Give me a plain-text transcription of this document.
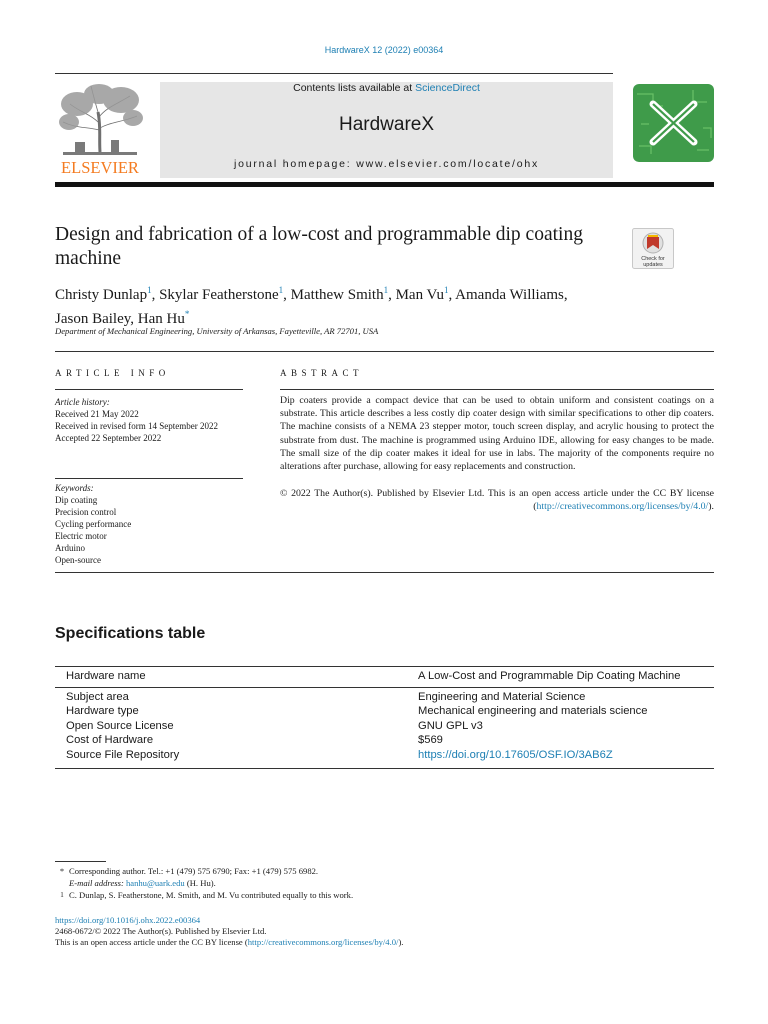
HardwareX 12 (2022) e00364
ELSEVIER
Contents lists available at ScienceDirect
HardwareX
journal homepage: www.elsevier.com/locate/ohx
Design and fabrication of a low-cost and programmable dip coating machine	Check for
updates
Christy Dunlap$^1$, Skylar Featherstone$^1$, Matthew Smith$^1$, Man Vu$^1$, Amanda Williams,
Jason Bailey, Han Hu*
Department of Mechanical Engineering, University of Arkansas, Fayetteville, AR 72701, USA
ARTICLE INFO
Article history:
Received 21 May 2022
Received in revised form 14 September 2022
Accepted 22 September 2022
Keywords:
Dip coating
Precision control
Cycling performance
Electric motor
Arduino
Open-source
ABSTRACT
Dip coaters provide a compact device that can be used to obtain uniform and consistent coatings on a substrate. This article describes a less costly dip coater design with similar specifications to other dip coaters. The machine consists of a NEMA 23 stepper motor, touch screen display, and acrylic housing to protect the substrate from dust. The machine is programmed using Arduino IDE, allowing for easy changes to be made. The small size of the dip coater makes it ideal for use in labs. The majority of the components require no alterations after purchase, allowing for easy replacements and construction.
© 2022 The Author(s). Published by Elsevier Ltd. This is an open access article under the CC BY license (http://creativecommons.org/licenses/by/4.0/).
Specifications table
Hardware name	A Low-Cost and Programmable Dip Coating Machine
Subject area	Engineering and Material Science
Hardware type	Mechanical engineering and materials science
Open Source License	GNU GPL v3
Cost of Hardware	$569
Source File Repository	https://doi.org/10.17605/OSF.IO/3AB6Z
* Corresponding author. Tel.: +1 (479) 575 6790; Fax: +1 (479) 575 6982.
E-mail address: hanhu@uark.edu (H. Hu).
1 C. Dunlap, S. Featherstone, M. Smith, and M. Vu contributed equally to this work.
https://doi.org/10.1016/j.ohx.2022.e00364
2468-0672/© 2022 The Author(s). Published by Elsevier Ltd.
This is an open access article under the CC BY license (http://creativecommons.org/licenses/by/4.0/).
